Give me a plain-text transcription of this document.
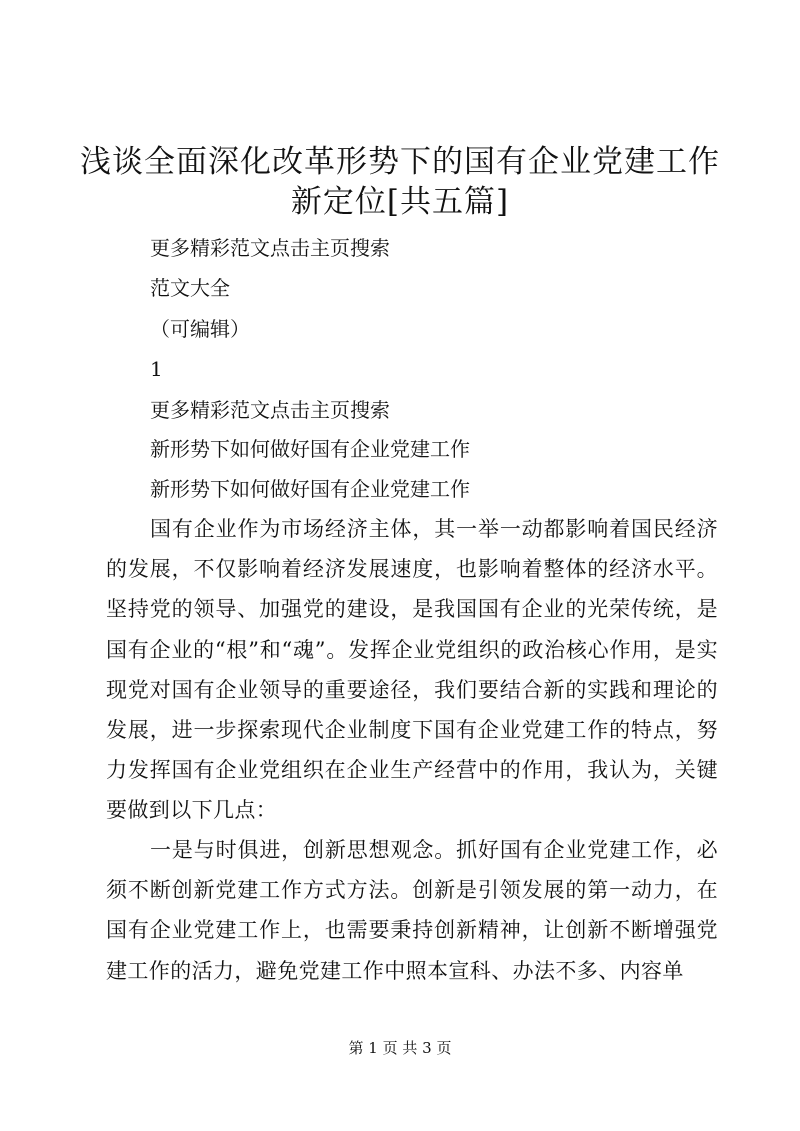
浅谈全面深化改革形势下的国有企业党建工作
新定位[共五篇]
更多精彩范文点击主页搜索
范文大全
（可编辑）
1
更多精彩范文点击主页搜索
新形势下如何做好国有企业党建工作
新形势下如何做好国有企业党建工作

国有企业作为市场经济主体，其一举一动都影响着国民经济的发展，不仅影响着经济发展速度，也影响着整体的经济水平。坚持党的领导、加强党的建设，是我国国有企业的光荣传统，是国有企业的“根”和“魂”。发挥企业党组织的政治核心作用，是实现党对国有企业领导的重要途径，我们要结合新的实践和理论的发展，进一步探索现代企业制度下国有企业党建工作的特点，努力发挥国有企业党组织在企业生产经营中的作用，我认为，关键要做到以下几点：

一是与时俱进，创新思想观念。抓好国有企业党建工作，必须不断创新党建工作方式方法。创新是引领发展的第一动力，在国有企业党建工作上，也需要秉持创新精神，让创新不断增强党建工作的活力，避免党建工作中照本宣科、办法不多、内容单

第 1 页 共 3 页
